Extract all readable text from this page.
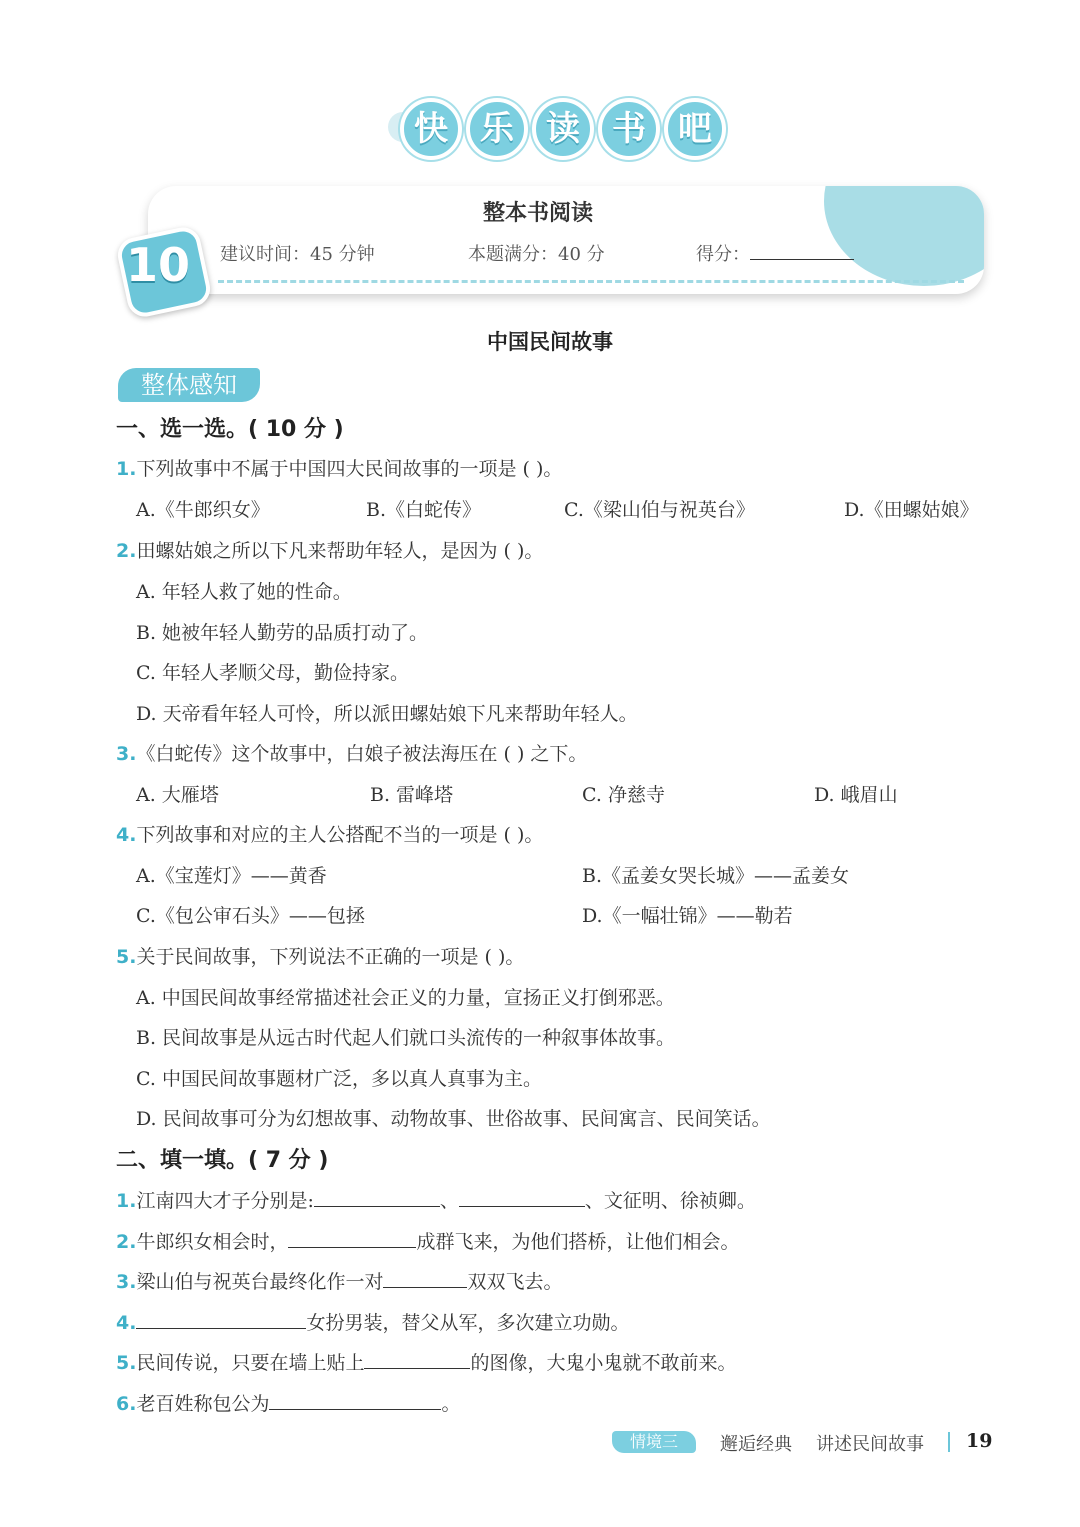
快 乐 读 书 吧
整本书阅读
建议时间：45 分钟	本题满分：40 分	得分：
10
中国民间故事
整体感知
一、选一选。( 10 分 )
1.下列故事中不属于中国四大民间故事的一项是 ( )。
A.《牛郎织女》	B.《白蛇传》	C.《梁山伯与祝英台》	D.《田螺姑娘》
2.田螺姑娘之所以下凡来帮助年轻人，是因为 ( )。
A. 年轻人救了她的性命。
B. 她被年轻人勤劳的品质打动了。
C. 年轻人孝顺父母，勤俭持家。
D. 天帝看年轻人可怜，所以派田螺姑娘下凡来帮助年轻人。
3.《白蛇传》这个故事中，白娘子被法海压在 ( ) 之下。
A. 大雁塔	B. 雷峰塔	C. 净慈寺	D. 峨眉山
4.下列故事和对应的主人公搭配不当的一项是 ( )。
A.《宝莲灯》——黄香	B.《孟姜女哭长城》——孟姜女
C.《包公审石头》——包拯	D.《一幅壮锦》——勒若
5.关于民间故事，下列说法不正确的一项是 ( )。
A. 中国民间故事经常描述社会正义的力量，宣扬正义打倒邪恶。
B. 民间故事是从远古时代起人们就口头流传的一种叙事体故事。
C. 中国民间故事题材广泛，多以真人真事为主。
D. 民间故事可分为幻想故事、动物故事、世俗故事、民间寓言、民间笑话。
二、填一填。( 7 分 )
1.江南四大才子分别是:	、	、文征明、徐祯卿。
2.牛郎织女相会时，	成群飞来，为他们搭桥，让他们相会。
3.梁山伯与祝英台最终化作一对	双双飞去。
4.	女扮男装，替父从军，多次建立功勋。
5.民间传说，只要在墙上贴上	的图像，大鬼小鬼就不敢前来。
6.老百姓称包公为	。
情境三	邂逅经典 讲述民间故事 19
